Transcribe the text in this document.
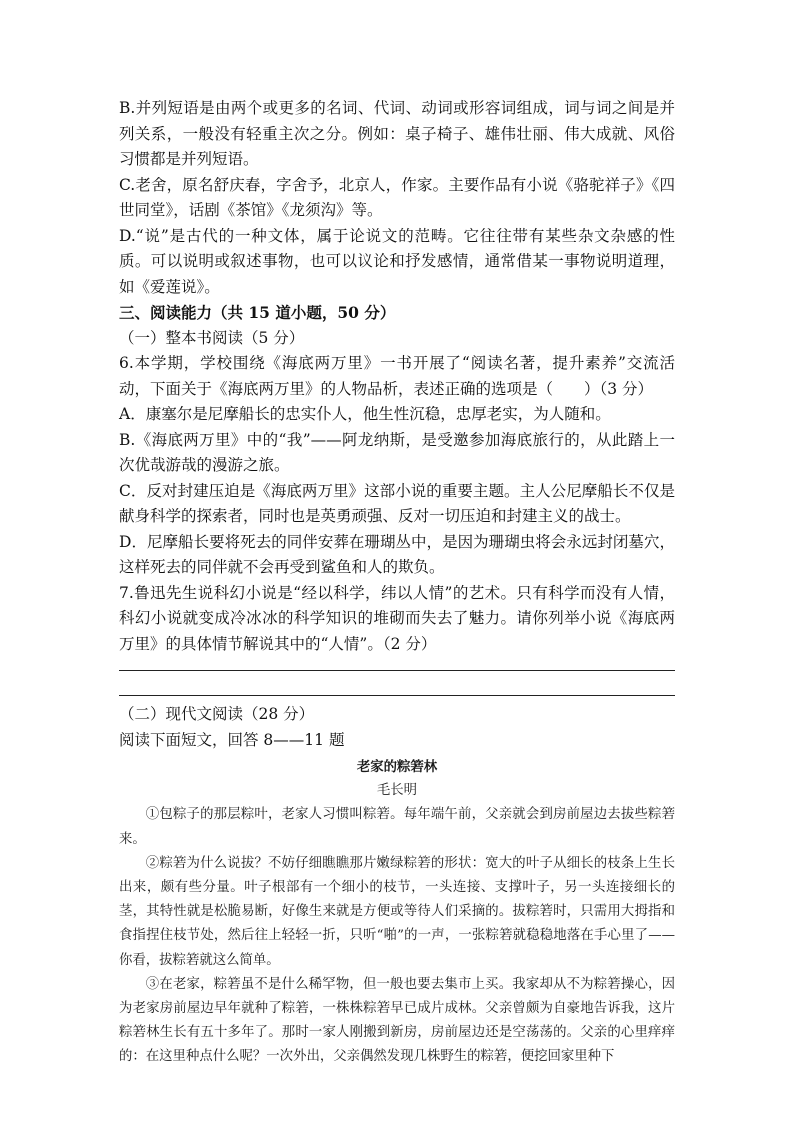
B.并列短语是由两个或更多的名词、代词、动词或形容词组成，词与词之间是并列关系，一般没有轻重主次之分。例如：桌子椅子、雄伟壮丽、伟大成就、风俗习惯都是并列短语。

C.老舍，原名舒庆春，字舍予，北京人，作家。主要作品有小说《骆驼祥子》《四世同堂》，话剧《茶馆》《龙须沟》等。

D.“说”是古代的一种文体，属于论说文的范畴。它往往带有某些杂文杂感的性质。可以说明或叙述事物，也可以议论和抒发感情，通常借某一事物说明道理，如《爱莲说》。

三、阅读能力（共 15 道小题，50 分）

（一）整本书阅读（5 分）

6.本学期，学校围绕《海底两万里》一书开展了“阅读名著，提升素养”交流活动，下面关于《海底两万里》的人物品析，表述正确的选项是（　　）（3 分）

A．康塞尔是尼摩船长的忠实仆人，他生性沉稳，忠厚老实，为人随和。

B.《海底两万里》中的“我”——阿龙纳斯，是受邀参加海底旅行的，从此踏上一次优哉游哉的漫游之旅。

C．反对封建压迫是《海底两万里》这部小说的重要主题。主人公尼摩船长不仅是献身科学的探索者，同时也是英勇顽强、反对一切压迫和封建主义的战士。

D．尼摩船长要将死去的同伴安葬在珊瑚丛中，是因为珊瑚虫将会永远封闭墓穴，这样死去的同伴就不会再受到鲨鱼和人的欺负。

7.鲁迅先生说科幻小说是“经以科学，纬以人情”的艺术。只有科学而没有人情，科幻小说就变成冷冰冰的科学知识的堆砌而失去了魅力。请你列举小说《海底两万里》的具体情节解说其中的“人情”。（2 分）

（二）现代文阅读（28 分）

阅读下面短文，回答 8——11 题

老家的粽箬林

毛长明

①包粽子的那层粽叶，老家人习惯叫粽箬。每年端午前，父亲就会到房前屋边去拔些粽箬来。

②粽箬为什么说拔？不妨仔细瞧瞧那片嫩绿粽箬的形状：宽大的叶子从细长的枝条上生长出来，颇有些分量。叶子根部有一个细小的枝节，一头连接、支撑叶子，另一头连接细长的茎，其特性就是松脆易断，好像生来就是方便或等待人们采摘的。拔粽箬时，只需用大拇指和食指捏住枝节处，然后往上轻轻一折，只听“啪”的一声，一张粽箬就稳稳地落在手心里了——你看，拔粽箬就这么简单。

③在老家，粽箬虽不是什么稀罕物，但一般也要去集市上买。我家却从不为粽箬操心，因为老家房前屋边早年就种了粽箬，一株株粽箬早已成片成林。父亲曾颇为自豪地告诉我，这片粽箬林生长有五十多年了。那时一家人刚搬到新房，房前屋边还是空荡荡的。父亲的心里痒痒的：在这里种点什么呢？一次外出，父亲偶然发现几株野生的粽箬，便挖回家里种下
